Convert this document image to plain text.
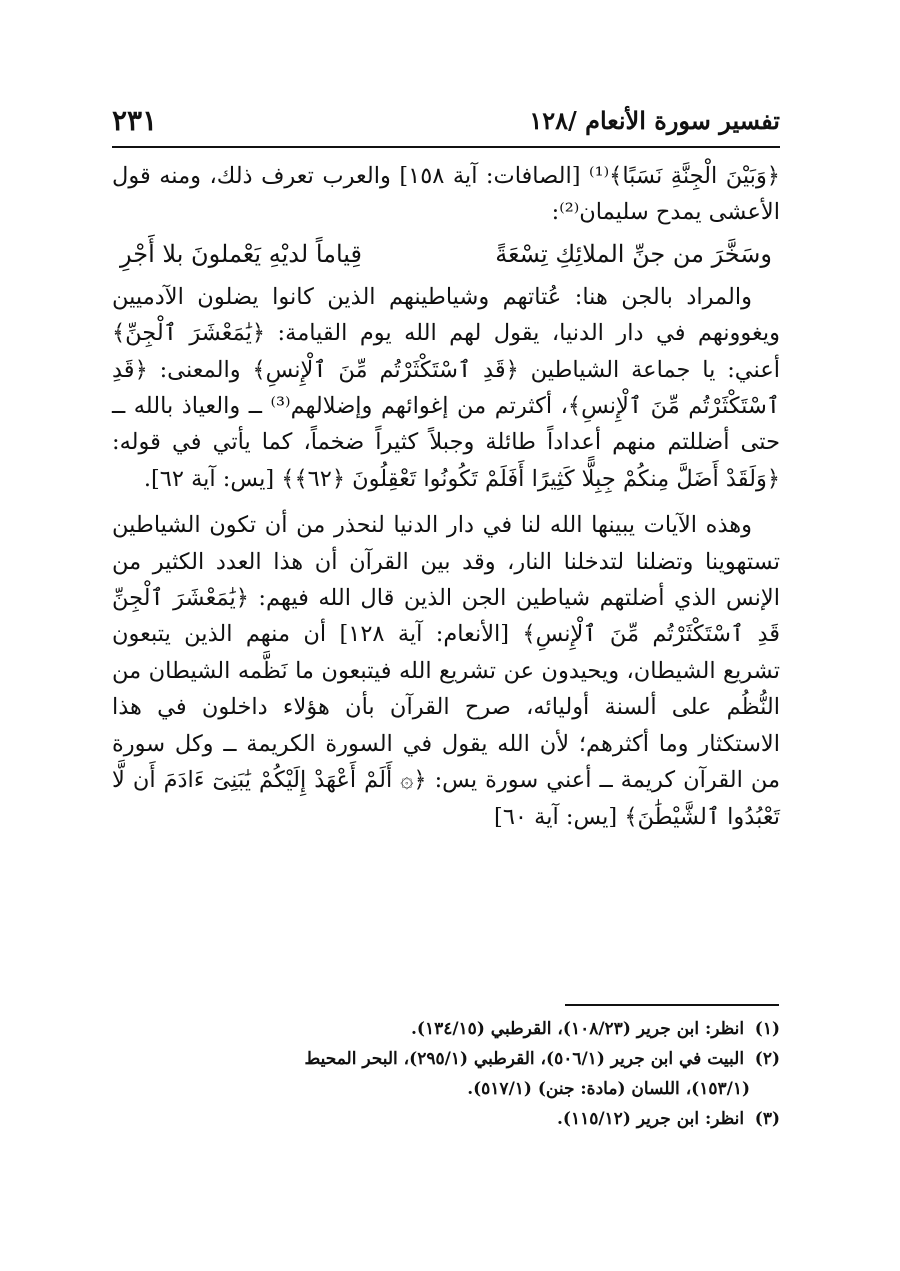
تفسير سورة الأنعام /١٢٨
٢٣١

﴿وَبَيْنَ الْجِنَّةِ نَسَبًا﴾⁽¹⁾ [الصافات: آية ١٥٨] والعرب تعرف ذلك، ومنه قول الأعشى يمدح سليمان⁽²⁾:

وسَخَّرَ من جنِّ الملائِكِ تِسْعَةً
قِياماً لديْهِ يَعْملونَ بلا أَجْرِ

والمراد بالجن هنا: عُتاتهم وشياطينهم الذين كانوا يضلون الآدميين ويغوونهم في دار الدنيا، يقول لهم الله يوم القيامة: ﴿يَٰمَعْشَرَ ٱلْجِنِّ﴾ أعني: يا جماعة الشياطين ﴿قَدِ ٱسْتَكْثَرْتُم مِّنَ ٱلْإِنسِ﴾ والمعنى: ﴿قَدِ ٱسْتَكْثَرْتُم مِّنَ ٱلْإِنسِ﴾، أكثرتم من إغوائهم وإضلالهم⁽³⁾ ــ والعياذ بالله ــ حتى أضللتم منهم أعداداً طائلة وجبلاً كثيراً ضخماً، كما يأتي في قوله: ﴿وَلَقَدْ أَضَلَّ مِنكُمْ جِبِلًّا كَثِيرًا أَفَلَمْ تَكُونُوا تَعْقِلُونَ ﴿٦٢﴾﴾ [يس: آية ٦٢].

وهذه الآيات يبينها الله لنا في دار الدنيا لنحذر من أن تكون الشياطين تستهوينا وتضلنا لتدخلنا النار، وقد بين القرآن أن هذا العدد الكثير من الإنس الذي أضلتهم شياطين الجن الذين قال الله فيهم: ﴿يَٰمَعْشَرَ ٱلْجِنِّ قَدِ ٱسْتَكْثَرْتُم مِّنَ ٱلْإِنسِ﴾ [الأنعام: آية ١٢٨] أن منهم الذين يتبعون تشريع الشيطان، ويحيدون عن تشريع الله فيتبعون ما نَظَّمه الشيطان من النُّظُم على ألسنة أوليائه، صرح القرآن بأن هؤلاء داخلون في هذا الاستكثار وما أكثرهم؛ لأن الله يقول في السورة الكريمة ــ وكل سورة من القرآن كريمة ــ أعني سورة يس: ﴿۞ أَلَمْ أَعْهَدْ إِلَيْكُمْ يَٰبَنِىٓ ءَادَمَ أَن لَّا تَعْبُدُوا ٱلشَّيْطَٰنَ﴾ [يس: آية ٦٠]

(١) انظر: ابن جرير (١٠٨/٢٣)، القرطبي (١٣٤/١٥).

(٢) البيت في ابن جرير (٥٠٦/١)، القرطبي (٢٩٥/١)، البحر المحيط

(١٥٣/١)، اللسان (مادة: جنن) (٥١٧/١).

(٣) انظر: ابن جرير (١١٥/١٢).
